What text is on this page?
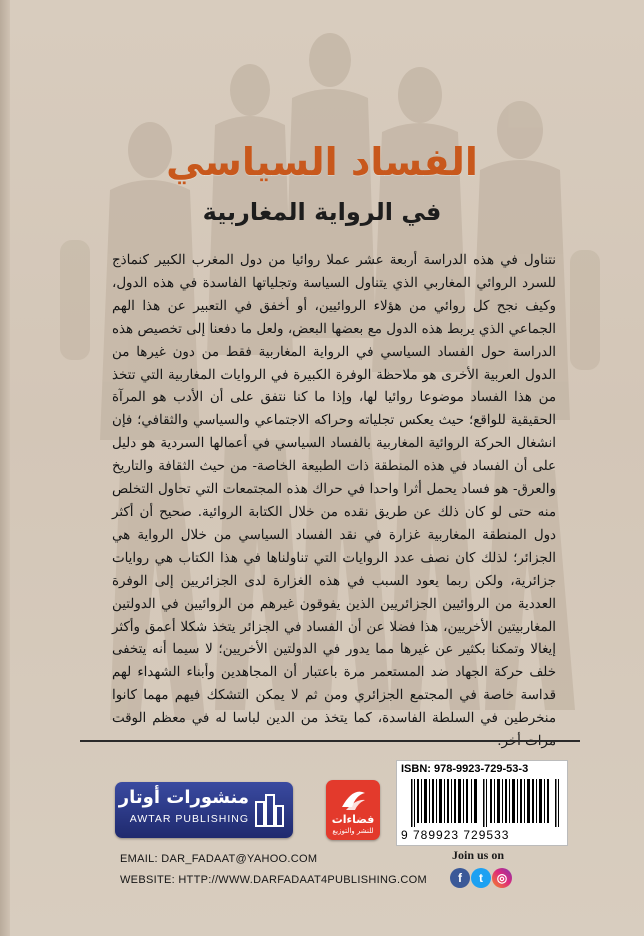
الفساد السياسي
في الرواية المغاربية

نتناول في هذه الدراسة أربعة عشر عملا روائيا من دول المغرب الكبير كنماذج للسرد الروائي المغاربي الذي يتناول السياسة وتجلياتها الفاسدة في هذه الدول، وكيف نجح كل روائي من هؤلاء الروائيين، أو أخفق في التعبير عن هذا الهم الجماعي الذي يربط هذه الدول مع بعضها البعض، ولعل ما دفعنا إلى تخصيص هذه الدراسة حول الفساد السياسي في الرواية المغاربية فقط من دون غيرها من الدول العربية الأخرى هو ملاحظة الوفرة الكبيرة في الروايات المغاربية التي تتخذ من هذا الفساد موضوعا روائيا لها، وإذا ما كنا نتفق على أن الأدب هو المرآة الحقيقية للواقع؛ حيث يعكس تجلياته وحراكه الاجتماعي والسياسي والثقافي؛ فإن انشغال الحركة الروائية المغاربية بالفساد السياسي في أعمالها السردية هو دليل على أن الفساد في هذه المنطقة ذات الطبيعة الخاصة- من حيث الثقافة والتاريخ والعرق- هو فساد يحمل أثرا واحدا في حراك هذه المجتمعات التي تحاول التخلص منه حتى لو كان ذلك عن طريق نقده من خلال الكتابة الروائية. صحيح أن أكثر دول المنطقة المغاربية غزارة في نقد الفساد السياسي من خلال الرواية هي الجزائر؛ لذلك كان نصف عدد الروايات التي تناولناها في هذا الكتاب هي روايات جزائرية، ولكن ربما يعود السبب في هذه الغزارة لدى الجزائريين إلى الوفرة العددية من الروائيين الجزائريين الذين يفوقون غيرهم من الروائيين في الدولتين المغاربيتين الأخريين، هذا فضلا عن أن الفساد في الجزائر يتخذ شكلا أعمق وأكثر إيغالا وتمكنا بكثير عن غيرها مما يدور في الدولتين الأخريين؛ لا سيما أنه يتخفى خلف حركة الجهاد ضد المستعمر مرة باعتبار أن المجاهدين وأبناء الشهداء لهم قداسة خاصة في المجتمع الجزائري ومن ثم لا يمكن التشكك فيهم مهما كانوا منخرطين في السلطة الفاسدة، كما يتخذ من الدين لباسا له في معظم الوقت

منشورات أوتار
AWTAR PUBLISHING	فضاءات
للنشر والتوزيع
ISBN: 978-9923-729-53-3
9 789923 729533
EMAIL: DAR_FADAAT@YAHOO.COM
WEBSITE: HTTP://WWW.DARFADAAT4PUBLISHING.COM
Join us on
f	t	◎
